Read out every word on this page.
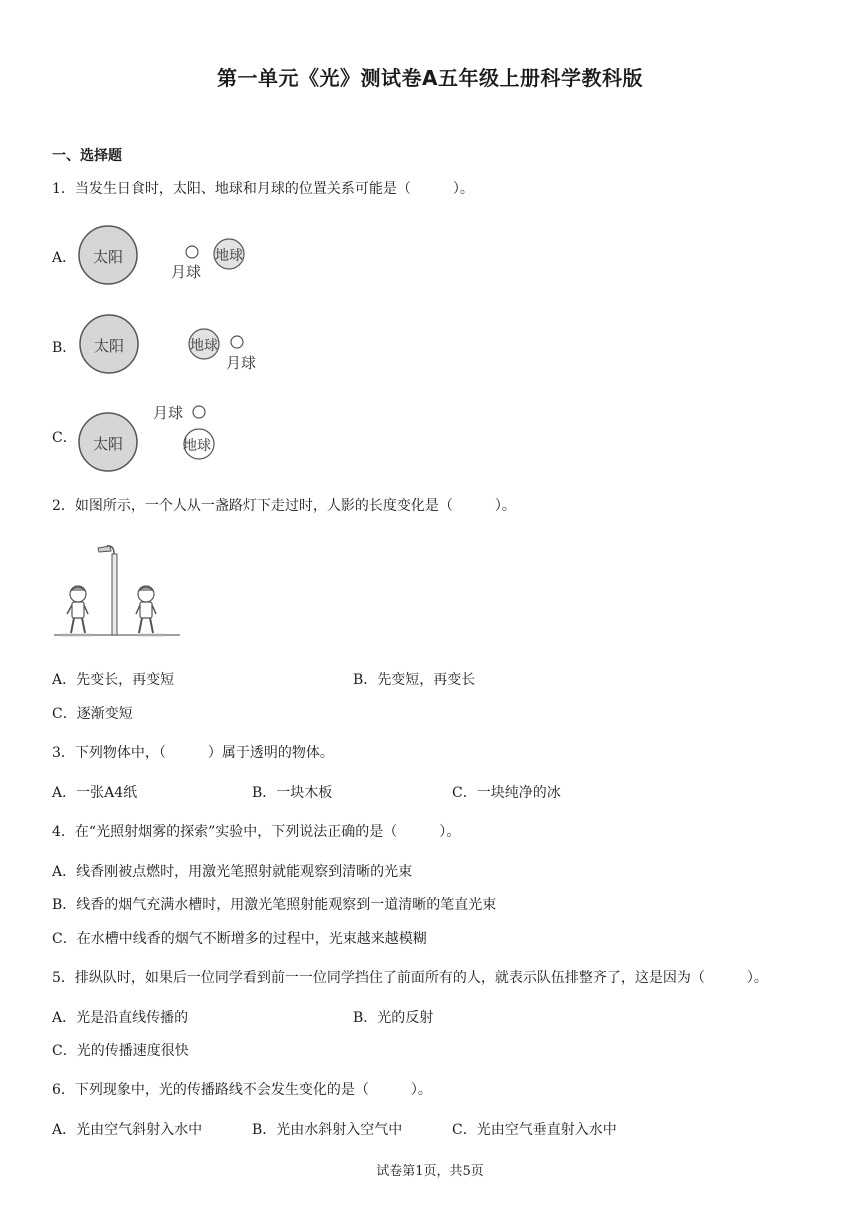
第一单元《光》测试卷A五年级上册科学教科版
一、选择题
1．当发生日食时，太阳、地球和月球的位置关系可能是（　　　）。
A． 太阳
月球
地球
B． 太阳	地球
月球
C． 太阳
月球
地球
2．如图所示，一个人从一盏路灯下走过时，人影的长度变化是（　　　）。
A．先变长，再变短	B．先变短，再变长
C．逐渐变短
3．下列物体中，（　　　）属于透明的物体。
A．一张A4纸	B．一块木板	C．一块纯净的冰
4．在“光照射烟雾的探索”实验中，下列说法正确的是（　　　）。
A．线香刚被点燃时，用激光笔照射就能观察到清晰的光束
B．线香的烟气充满水槽时，用激光笔照射能观察到一道清晰的笔直光束
C．在水槽中线香的烟气不断增多的过程中，光束越来越模糊
5．排纵队时，如果后一位同学看到前一一位同学挡住了前面所有的人，就表示队伍排整齐了，这是因为（　　　）。
A．光是沿直线传播的	B．光的反射
C．光的传播速度很快
6．下列现象中，光的传播路线不会发生变化的是（　　　）。
A．光由空气斜射入水中	B．光由水斜射入空气中	C．光由空气垂直射入水中
试卷第1页，共5页
